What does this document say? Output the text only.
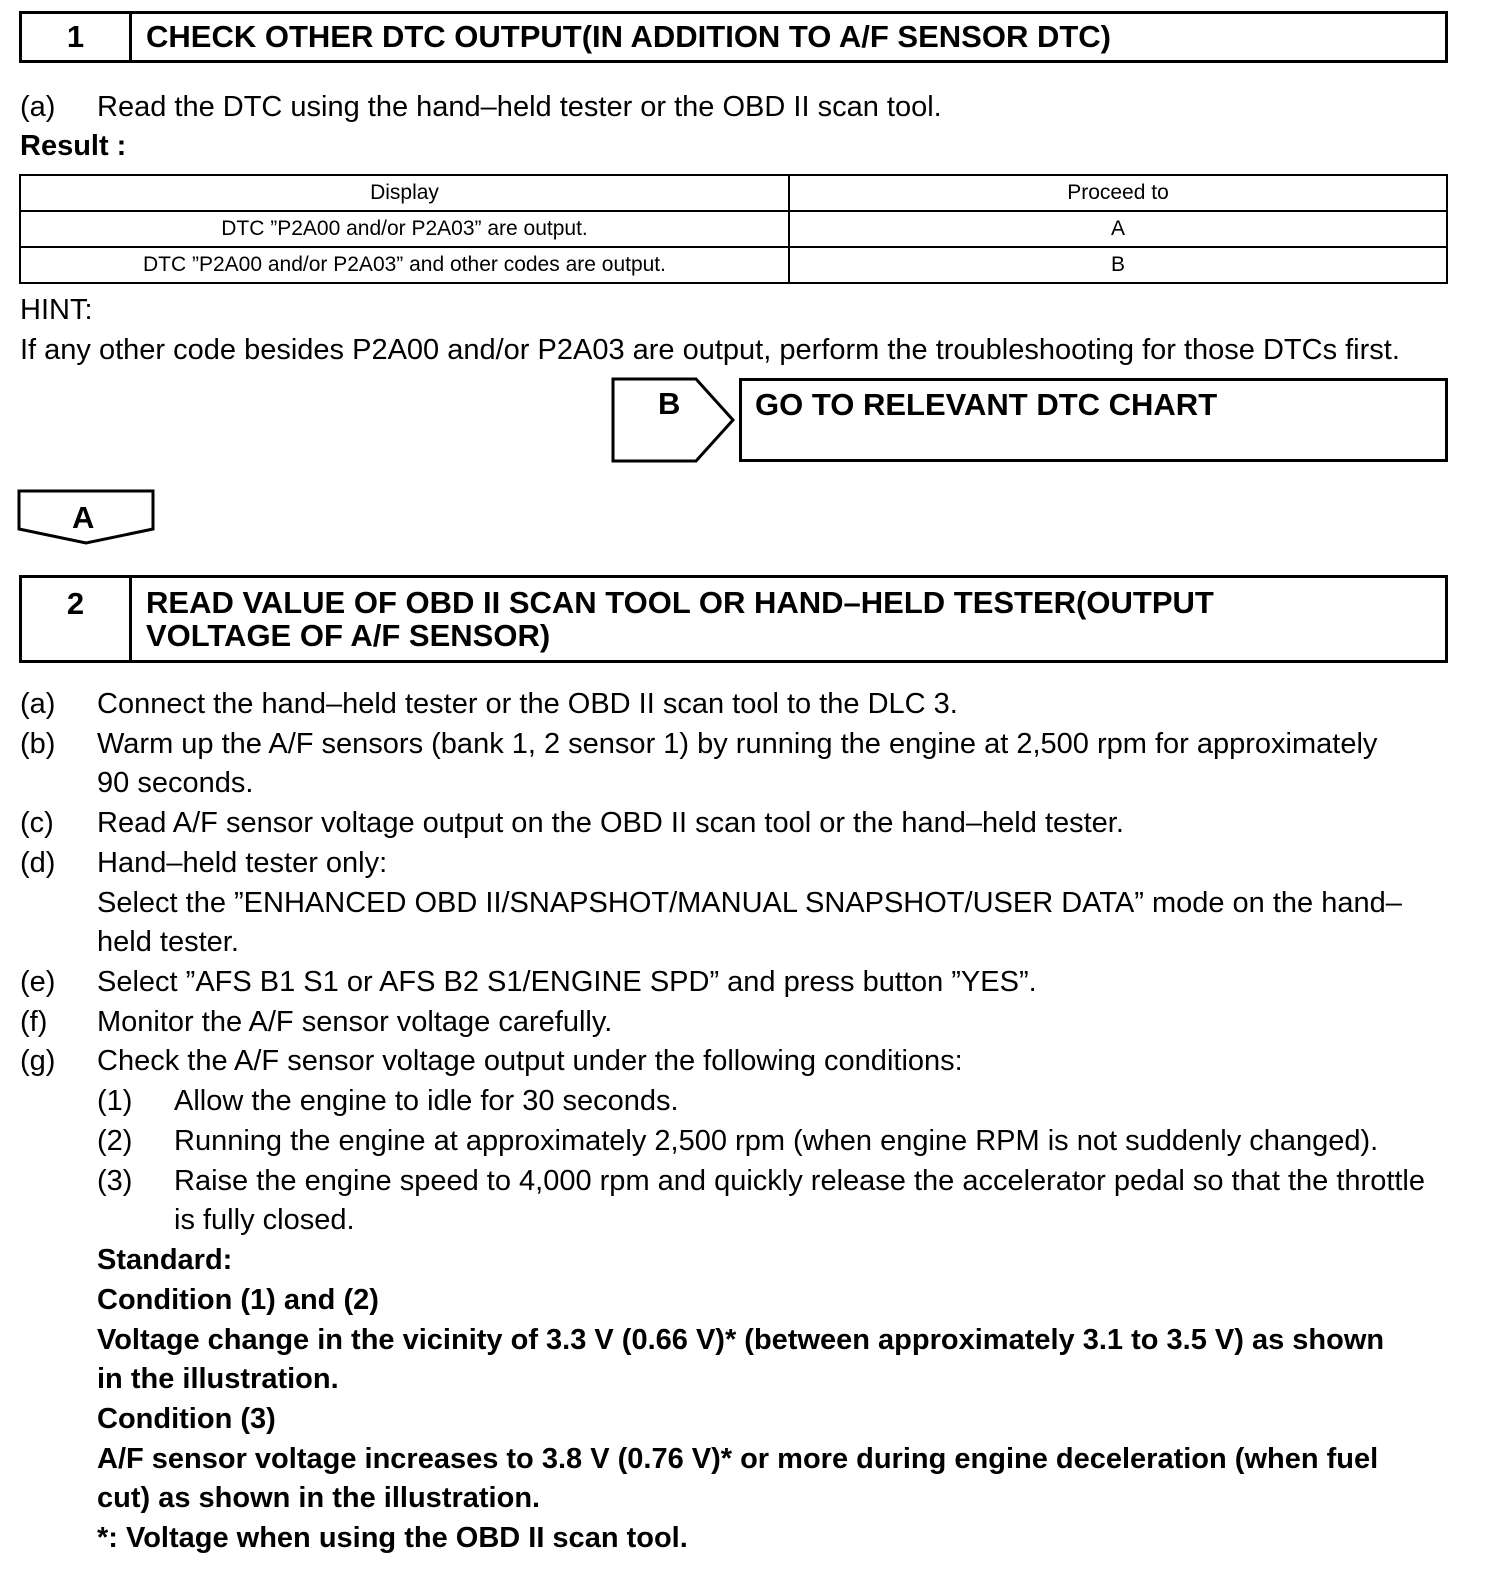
1	CHECK OTHER DTC OUTPUT(IN ADDITION TO A/F SENSOR DTC)
(a) Read the DTC using the hand–held tester or the OBD II scan tool.
Result :
Display	Proceed to
DTC ”P2A00 and/or P2A03” are output.	A
DTC ”P2A00 and/or P2A03” and other codes are output.	B
HINT:
If any other code besides P2A00 and/or P2A03 are output, perform the troubleshooting for those DTCs first.
B	GO TO RELEVANT DTC CHART
A
2	READ VALUE OF OBD II SCAN TOOL OR HAND–HELD TESTER(OUTPUT
VOLTAGE OF A/F SENSOR)
(a) Connect the hand–held tester or the OBD II scan tool to the DLC 3.
(b) Warm up the A/F sensors (bank 1, 2 sensor 1) by running the engine at 2,500 rpm for approximately
90 seconds.
(c) Read A/F sensor voltage output on the OBD II scan tool or the hand–held tester.
(d) Hand–held tester only:
Select the ”ENHANCED OBD II/SNAPSHOT/MANUAL SNAPSHOT/USER DATA” mode on the hand–
held tester.
(e) Select ”AFS B1 S1 or AFS B2 S1/ENGINE SPD” and press button ”YES”.
(f) Monitor the A/F sensor voltage carefully.
(g) Check the A/F sensor voltage output under the following conditions:
(1) Allow the engine to idle for 30 seconds.
(2) Running the engine at approximately 2,500 rpm (when engine RPM is not suddenly changed).
(3) Raise the engine speed to 4,000 rpm and quickly release the accelerator pedal so that the throttle
is fully closed.
Standard:
Condition (1) and (2)
Voltage change in the vicinity of 3.3 V (0.66 V)* (between approximately 3.1 to 3.5 V) as shown
in the illustration.
Condition (3)
A/F sensor voltage increases to 3.8 V (0.76 V)* or more during engine deceleration (when fuel
cut) as shown in the illustration.
*: Voltage when using the OBD II scan tool.
